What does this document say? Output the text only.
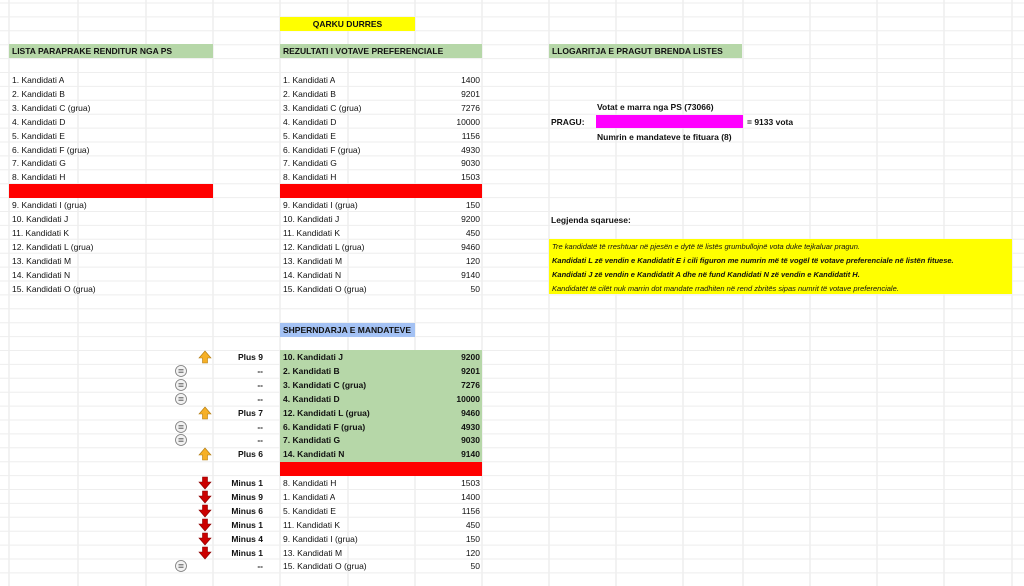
QARKU DURRES
LISTA PARAPRAKE RENDITUR NGA PS	REZULTATI I VOTAVE PREFERENCIALE	LLOGARITJA E PRAGUT BRENDA LISTES
1. Kandidati A
2. Kandidati B
3. Kandidati C (grua)
4. Kandidati D
5. Kandidati E
6. Kandidati F (grua)
7. Kandidati G
8. Kandidati H
9. Kandidati I (grua)
10. Kandidati J
11. Kandidati K
12. Kandidati L (grua)
13. Kandidati M
14. Kandidati N
15. Kandidati O (grua)
1. Kandidati A	1400
2. Kandidati B	9201
3. Kandidati C (grua)	7276
4. Kandidati D	10000
5. Kandidati E	1156
6. Kandidati F (grua)	4930
7. Kandidati G	9030
8. Kandidati H	1503
9. Kandidati I (grua)	150
10. Kandidati J	9200
11. Kandidati K	450
12. Kandidati L (grua)	9460
13. Kandidati M	120
14. Kandidati N	9140
15. Kandidati O (grua)	50
Votat e marra nga PS (73066)
PRAGU:	= 9133 vota
Numrin e mandateve te fituara (8)
Legjenda sqaruese:
Tre kandidatë të rreshtuar në pjesën e dytë të listës grumbullojnë vota duke tejkaluar pragun.
Kandidati L zë vendin e Kandidatit E i cili figuron me numrin më të vogël të votave preferenciale në listën fituese.
Kandidati J zë vendin e Kandidatit A dhe në fund Kandidati N zë vendin e Kandidatit H.
Kandidatët të cilët nuk marrin dot mandate rradhiten në rend zbritës sipas numrit të votave preferenciale.
SHPERNDARJA E MANDATEVE
Plus 9 10. Kandidati J	9200
-- 2. Kandidati B	9201
-- 3. Kandidati C (grua)	7276
-- 4. Kandidati D	10000
Plus 7 12. Kandidati L (grua)	9460
-- 6. Kandidati F (grua)	4930
-- 7. Kandidati G	9030
Plus 6 14. Kandidati N	9140
Minus 1 8. Kandidati H	1503
Minus 9 1. Kandidati A	1400
Minus 6 5. Kandidati E	1156
Minus 1 11. Kandidati K	450
Minus 4 9. Kandidati I (grua)	150
Minus 1 13. Kandidati M	120
-- 15. Kandidati O (grua)	50
